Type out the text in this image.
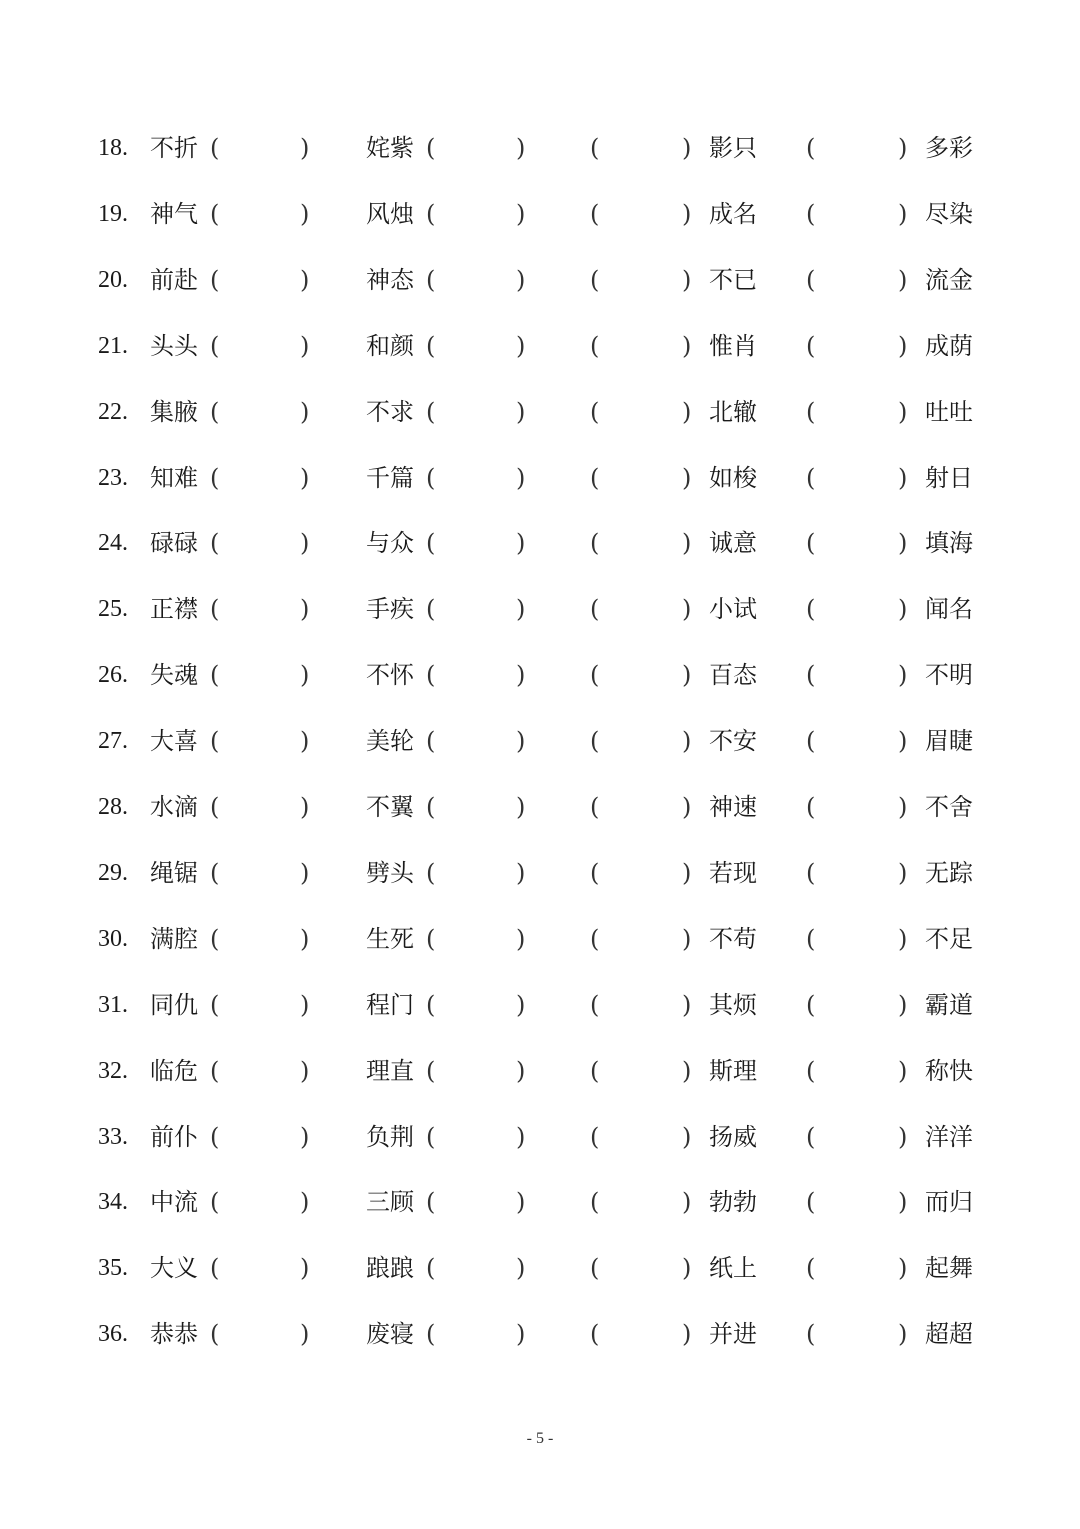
18. 不折 (	) 姹紫 (	)	(	) 影只 (	) 多彩
19. 神气 (	) 风烛 (	)	(	) 成名 (	) 尽染
20. 前赴 (	) 神态 (	)	(	) 不已 (	) 流金
21. 头头 (	) 和颜 (	)	(	) 惟肖 (	) 成荫
22. 集腋 (	) 不求 (	)	(	) 北辙 (	) 吐吐
23. 知难 (	) 千篇 (	)	(	) 如梭 (	) 射日
24. 碌碌 (	) 与众 (	)	(	) 诚意 (	) 填海
25. 正襟 (	) 手疾 (	)	(	) 小试 (	) 闻名
26. 失魂 (	) 不怀 (	)	(	) 百态 (	) 不明
27. 大喜 (	) 美轮 (	)	(	) 不安 (	) 眉睫
28. 水滴 (	) 不翼 (	)	(	) 神速 (	) 不舍
29. 绳锯 (	) 劈头 (	)	(	) 若现 (	) 无踪
30. 满腔 (	) 生死 (	)	(	) 不苟 (	) 不足
31. 同仇 (	) 程门 (	)	(	) 其烦 (	) 霸道
32. 临危 (	) 理直 (	)	(	) 斯理 (	) 称快
33. 前仆 (	) 负荆 (	)	(	) 扬威 (	) 洋洋
34. 中流 (	) 三顾 (	)	(	) 勃勃 (	) 而归
35. 大义 (	) 踉踉 (	)	(	) 纸上 (	) 起舞
36. 恭恭 (	) 废寝 (	)	(	) 并进 (	) 超超
- 5 -
